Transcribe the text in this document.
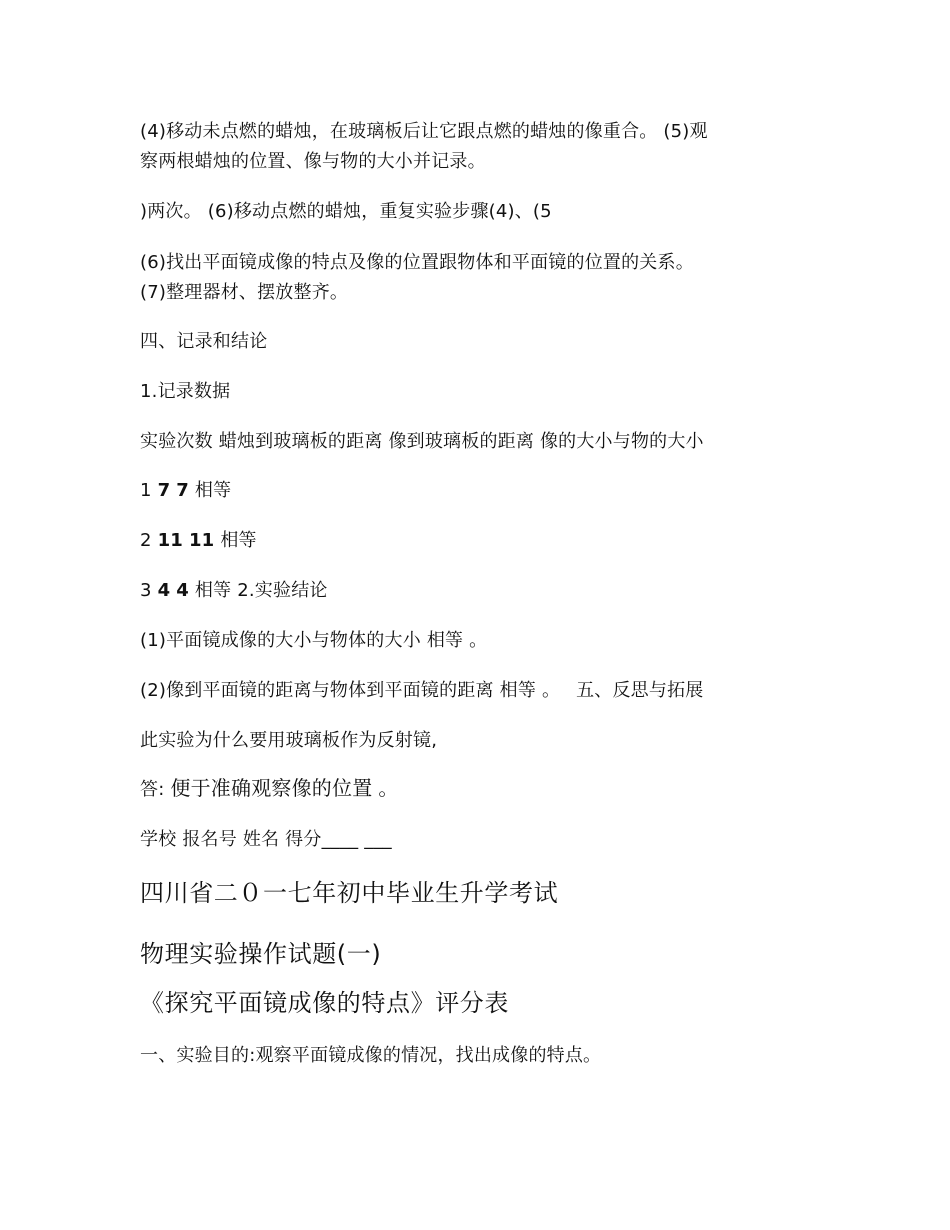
(4)移动未点燃的蜡烛，在玻璃板后让它跟点燃的蜡烛的像重合。 (5)观
察两根蜡烛的位置、像与物的大小并记录。
)两次。 (6)移动点燃的蜡烛，重复实验步骤(4)、(5
(6)找出平面镜成像的特点及像的位置跟物体和平面镜的位置的关系。
(7)整理器材、摆放整齐。
四、记录和结论
1.记录数据
实验次数 蜡烛到玻璃板的距离 像到玻璃板的距离 像的大小与物的大小
1 7 7 相等
2 11 11 相等
3 4 4 相等 2.实验结论
(1)平面镜成像的大小与物体的大小 相等 。
(2)像到平面镜的距离与物体到平面镜的距离 相等 。 五、反思与拓展
此实验为什么要用玻璃板作为反射镜,
答: 便于准确观察像的位置 。
学校 报名号 姓名 得分____ ___
四川省二０一七年初中毕业生升学考试
物理实验操作试题(一)
《探究平面镜成像的特点》评分表
一、实验目的:观察平面镜成像的情况，找出成像的特点。
